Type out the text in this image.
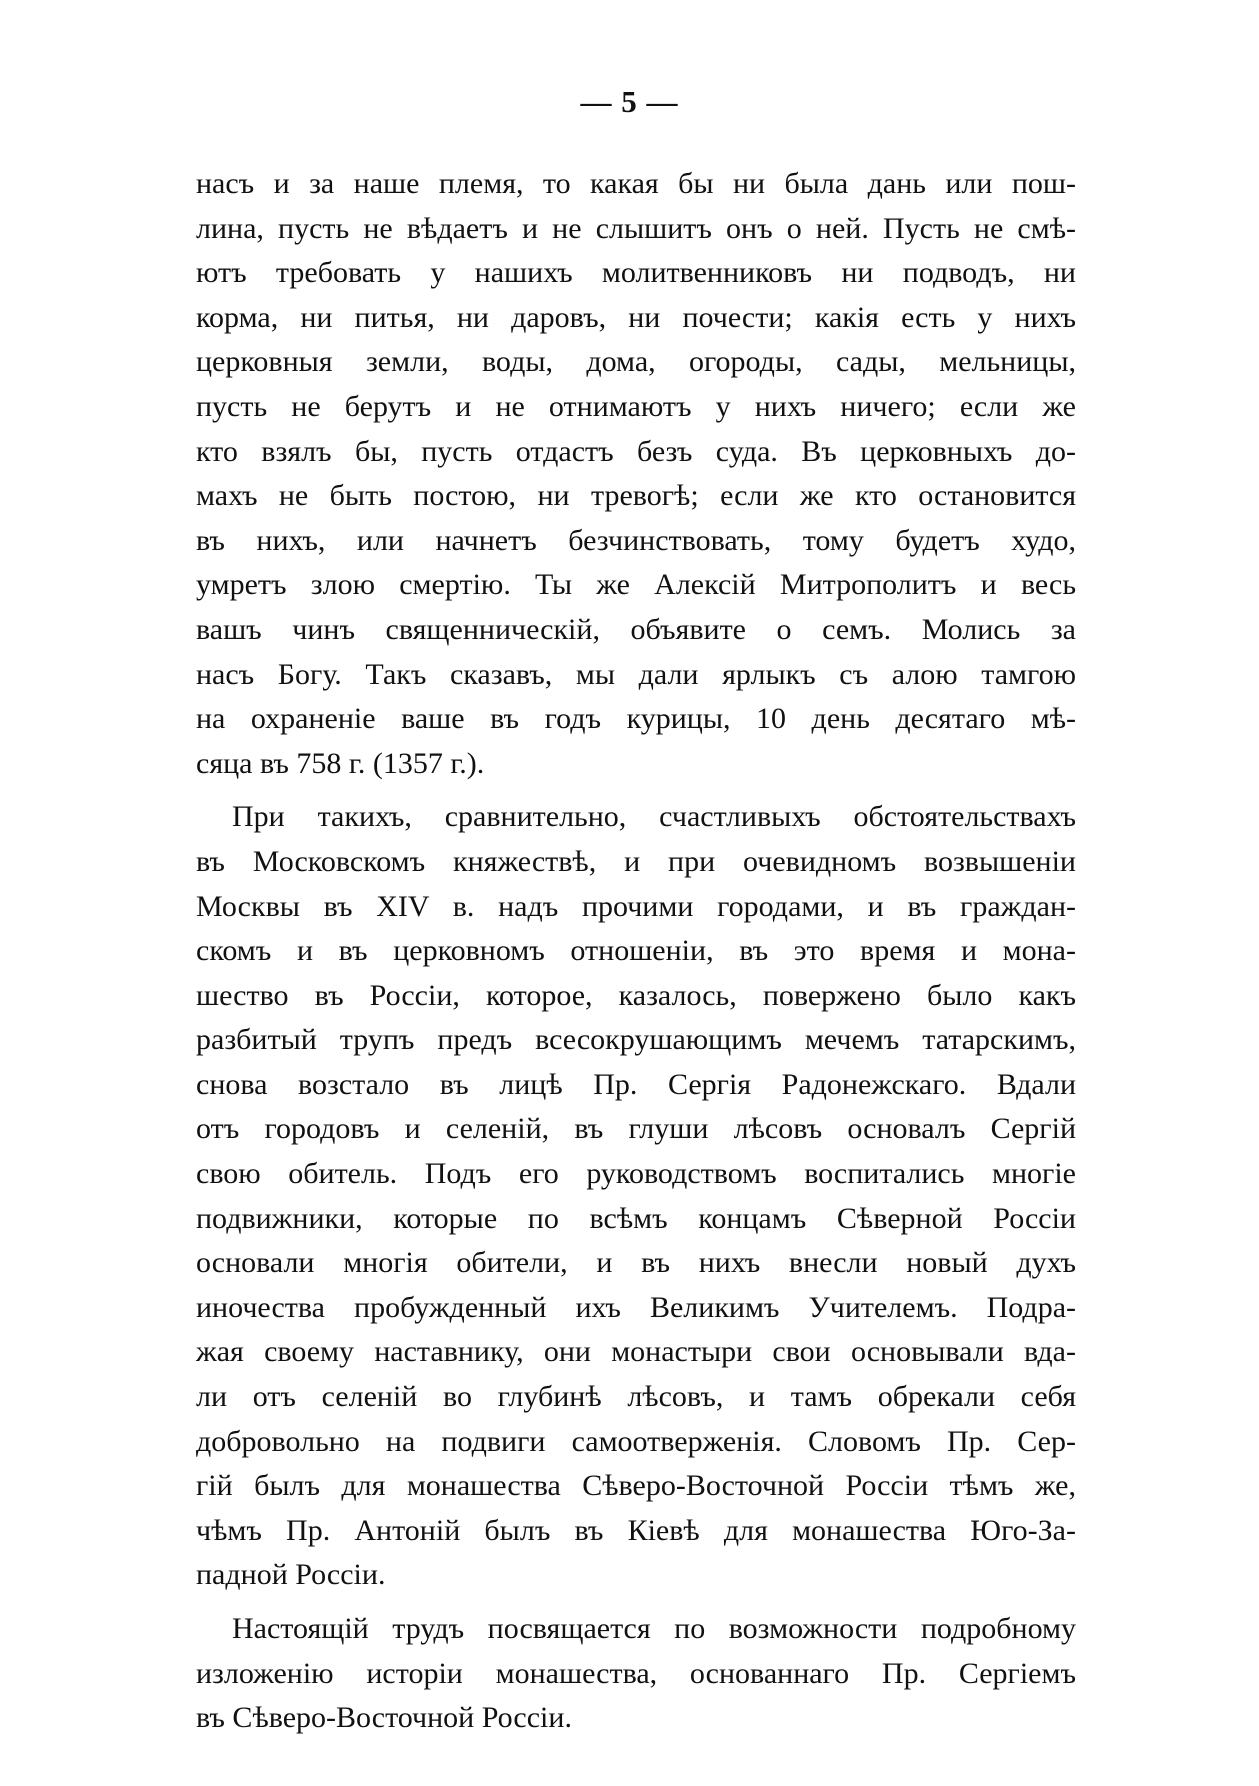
— 5 —
насъ и за наше племя, то какая бы ни была дань или пош-
лина, пусть не вѣдаетъ и не слышитъ онъ о ней. Пусть не смѣ-
ютъ требовать у нашихъ молитвенниковъ ни подводъ, ни
корма, ни питья, ни даровъ, ни почести; какія есть у нихъ
церковныя земли, воды, дома, огороды, сады, мельницы,
пусть не берутъ и не отнимаютъ у нихъ ничего; если же
кто взялъ бы, пусть отдастъ безъ суда. Въ церковныхъ до-
махъ не быть постою, ни тревогѣ; если же кто остановится
въ нихъ, или начнетъ безчинствовать, тому будетъ худо,
умретъ злою смертiю. Ты же Алексiй Митрополитъ и весь
вашъ чинъ священническiй, объявите о семъ. Молись за
насъ Богу. Такъ сказавъ, мы дали ярлыкъ съ алою тамгою
на охраненiе ваше въ годъ курицы, 10 день десятаго мѣ-
сяца въ 758 г. (1357 г.).
При такихъ, сравнительно, счастливыхъ обстоятельствахъ
въ Московскомъ княжествѣ, и при очевидномъ возвышенiи
Москвы въ XIV в. надъ прочими городами, и въ граждан-
скомъ и въ церковномъ отношенiи, въ это время и мона-
шество въ Россiи, которое, казалось, повержено было какъ
разбитый трупъ предъ всесокрушающимъ мечемъ татарскимъ,
снова возстало въ лицѣ Пр. Сергiя Радонежскаго. Вдали
отъ городовъ и селенiй, въ глуши лѣсовъ основалъ Сергiй
свою обитель. Подъ его руководствомъ воспитались многiе
подвижники, которые по всѣмъ концамъ Сѣверной Россiи
основали многiя обители, и въ нихъ внесли новый духъ
иночества пробужденный ихъ Великимъ Учителемъ. Подра-
жая своему наставнику, они монастыри свои основывали вда-
ли отъ селенiй во глубинѣ лѣсовъ, и тамъ обрекали себя
добровольно на подвиги самоотверженiя. Словомъ Пр. Сер-
гiй былъ для монашества Сѣверо-Восточной Россiи тѣмъ же,
чѣмъ Пр. Антонiй былъ въ Кiевѣ для монашества Юго-За-
падной Россiи.
Настоящiй трудъ посвящается по возможности подробному
изложенiю исторiи монашества, основаннаго Пр. Сергiемъ
въ Сѣверо-Восточной Россiи.
